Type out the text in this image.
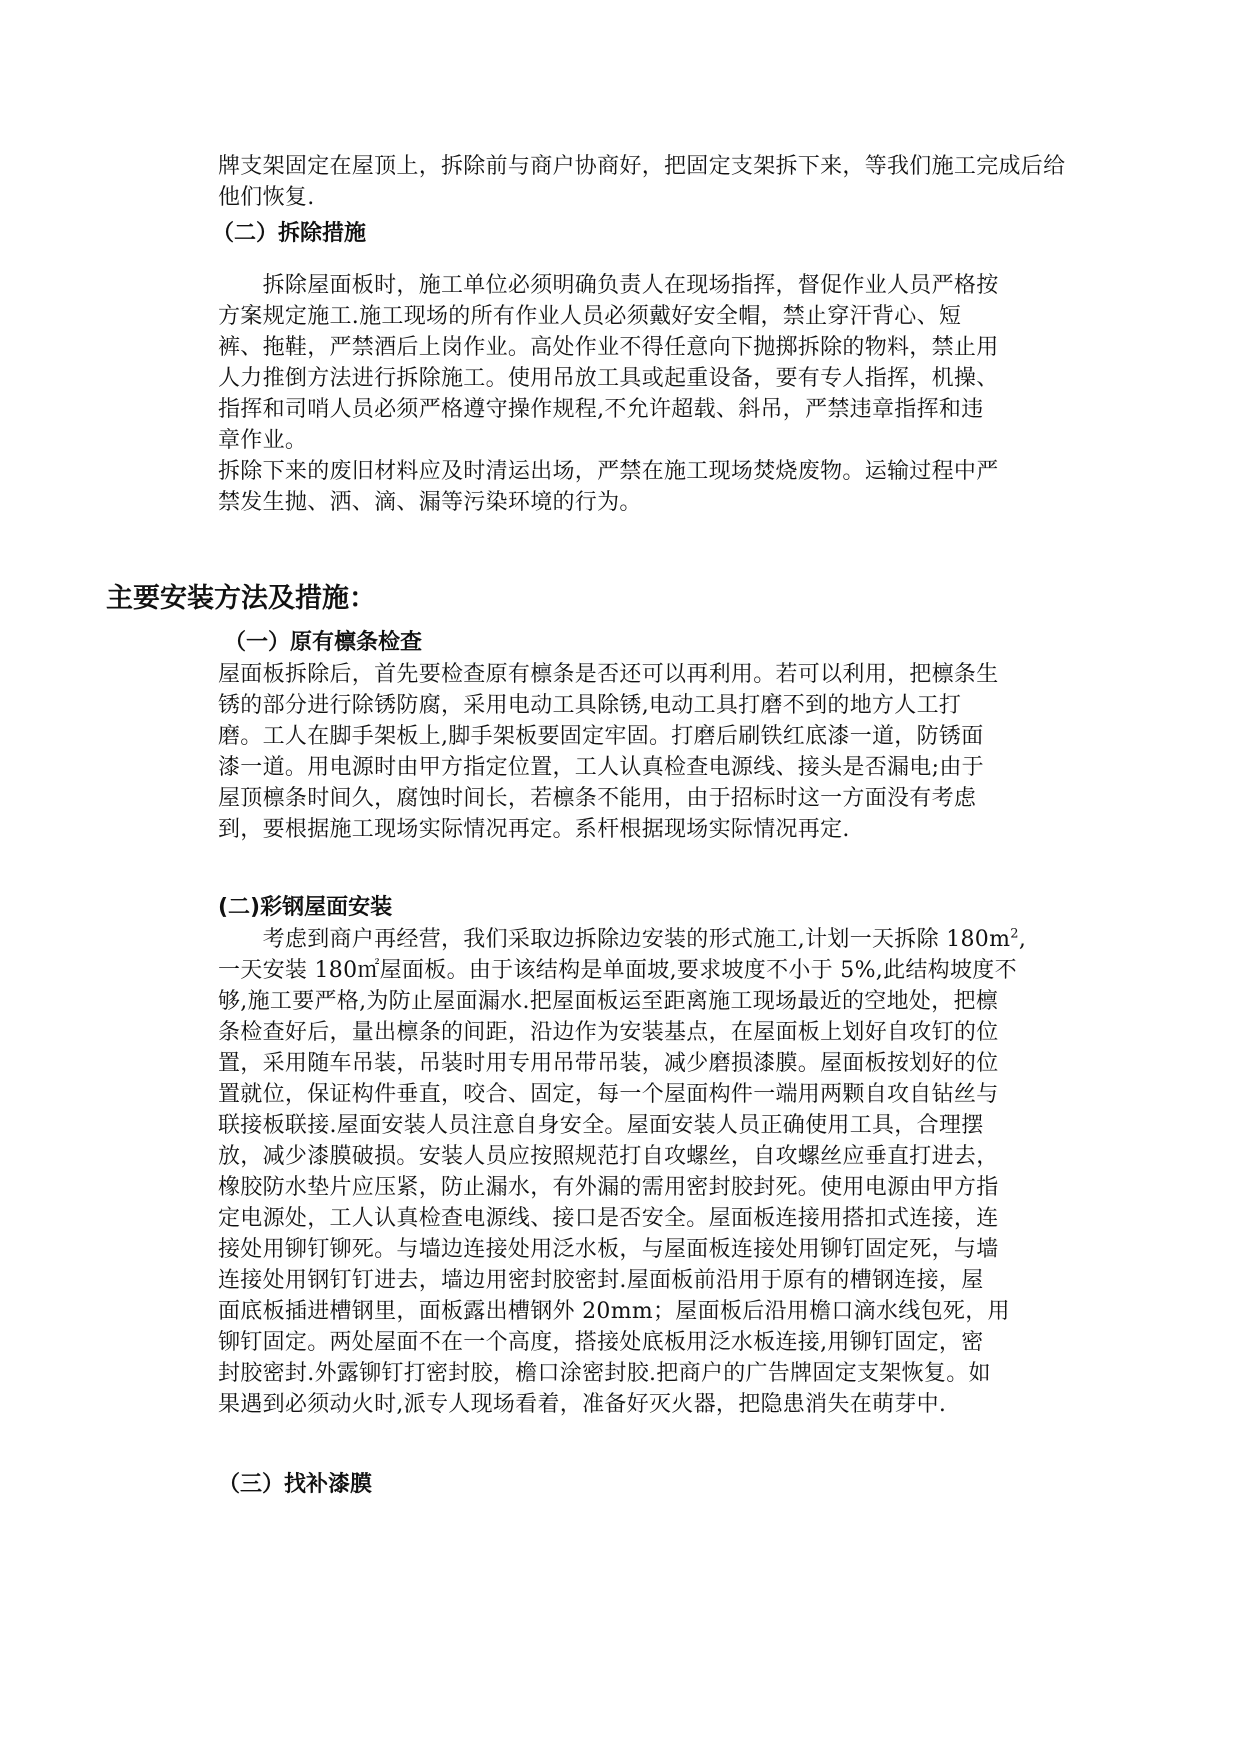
牌支架固定在屋顶上，拆除前与商户协商好，把固定支架拆下来，等我们施工完成后给
他们恢复.
（二）拆除措施
　　拆除屋面板时，施工单位必须明确负责人在现场指挥，督促作业人员严格按
方案规定施工.施工现场的所有作业人员必须戴好安全帽，禁止穿汗背心、短
裤、拖鞋，严禁酒后上岗作业。高处作业不得任意向下抛掷拆除的物料，禁止用
人力推倒方法进行拆除施工。使用吊放工具或起重设备，要有专人指挥，机操、
指挥和司哨人员必须严格遵守操作规程,不允许超载、斜吊，严禁违章指挥和违
章作业。
拆除下来的废旧材料应及时清运出场，严禁在施工现场焚烧废物。运输过程中严
禁发生抛、洒、滴、漏等污染环境的行为。
主要安装方法及措施：
（一）原有檩条检查
屋面板拆除后，首先要检查原有檩条是否还可以再利用。若可以利用，把檩条生
锈的部分进行除锈防腐，采用电动工具除锈,电动工具打磨不到的地方人工打
磨。工人在脚手架板上,脚手架板要固定牢固。打磨后刷铁红底漆一道，防锈面
漆一道。用电源时由甲方指定位置，工人认真检查电源线、接头是否漏电;由于
屋顶檩条时间久，腐蚀时间长，若檩条不能用，由于招标时这一方面没有考虑
到，要根据施工现场实际情况再定。系杆根据现场实际情况再定.
(二)彩钢屋面安装
　　考虑到商户再经营，我们采取边拆除边安装的形式施工,计划一天拆除 $180m^2$,
一天安装 180㎡屋面板。由于该结构是单面坡,要求坡度不小于 5%,此结构坡度不
够,施工要严格,为防止屋面漏水.把屋面板运至距离施工现场最近的空地处，把檩
条检查好后，量出檩条的间距，沿边作为安装基点，在屋面板上划好自攻钉的位
置，采用随车吊装，吊装时用专用吊带吊装，减少磨损漆膜。屋面板按划好的位
置就位，保证构件垂直，咬合、固定，每一个屋面构件一端用两颗自攻自钻丝与
联接板联接.屋面安装人员注意自身安全。屋面安装人员正确使用工具，合理摆
放，减少漆膜破损。安装人员应按照规范打自攻螺丝，自攻螺丝应垂直打进去，
橡胶防水垫片应压紧，防止漏水，有外漏的需用密封胶封死。使用电源由甲方指
定电源处，工人认真检查电源线、接口是否安全。屋面板连接用搭扣式连接，连
接处用铆钉铆死。与墙边连接处用泛水板，与屋面板连接处用铆钉固定死，与墙
连接处用钢钉钉进去，墙边用密封胶密封.屋面板前沿用于原有的槽钢连接，屋
面底板插进槽钢里，面板露出槽钢外 20mm；屋面板后沿用檐口滴水线包死，用
铆钉固定。两处屋面不在一个高度，搭接处底板用泛水板连接,用铆钉固定，密
封胶密封.外露铆钉打密封胶，檐口涂密封胶.把商户的广告牌固定支架恢复。如
果遇到必须动火时,派专人现场看着，准备好灭火器，把隐患消失在萌芽中.
（三）找补漆膜
